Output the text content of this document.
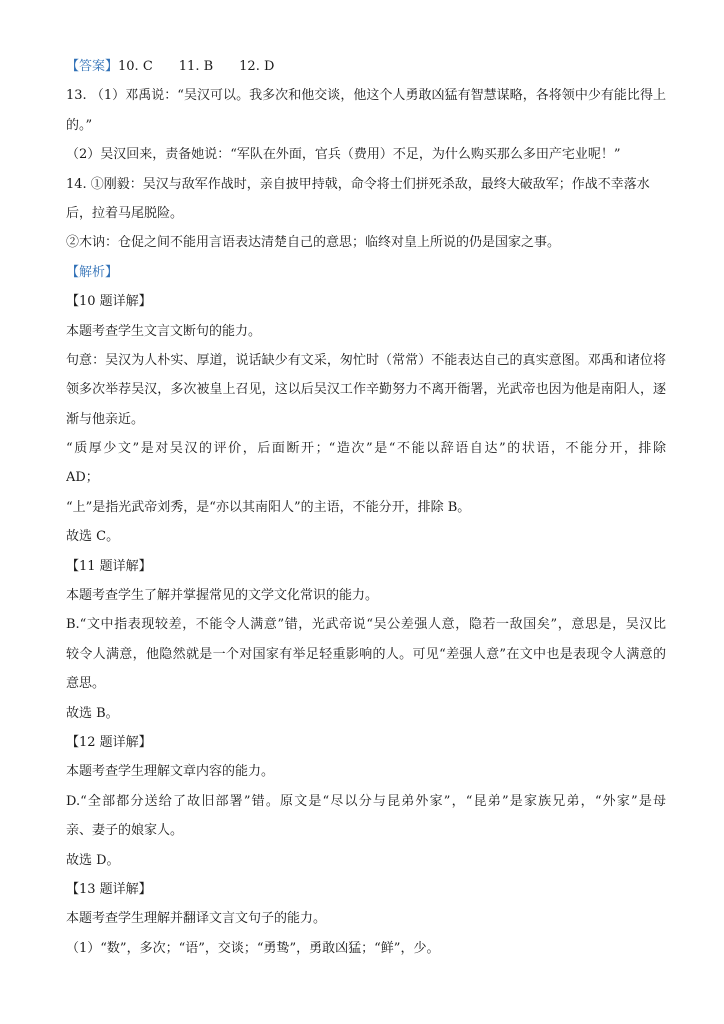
【答案】10. C 11. B 12. D
13. （1）邓禹说：“吴汉可以。我多次和他交谈，他这个人勇敢凶猛有智慧谋略，各将领中少有能比得上
的。”
（2）吴汉回来，责备她说：“军队在外面，官兵（费用）不足，为什么购买那么多田产宅业呢！”
14. ①刚毅：吴汉与敌军作战时，亲自披甲持戟，命令将士们拼死杀敌，最终大破敌军；作战不幸落水
后，拉着马尾脱险。
②木讷：仓促之间不能用言语表达清楚自己的意思；临终对皇上所说的仍是国家之事。
【解析】
【10 题详解】
本题考查学生文言文断句的能力。
句意：吴汉为人朴实、厚道，说话缺少有文采，匆忙时（常常）不能表达自己的真实意图。邓禹和诸位将
领多次举荐吴汉，多次被皇上召见，这以后吴汉工作辛勤努力不离开衙署，光武帝也因为他是南阳人，逐
渐与他亲近。
“质厚少文”是对吴汉的评价，后面断开；“造次”是“不能以辞语自达”的状语，不能分开，排除
AD；
“上”是指光武帝刘秀，是“亦以其南阳人”的主语，不能分开，排除 B。
故选 C。
【11 题详解】
本题考查学生了解并掌握常见的文学文化常识的能力。
B.“文中指表现较差，不能令人满意”错，光武帝说“吴公差强人意，隐若一敌国矣”，意思是，吴汉比
较令人满意，他隐然就是一个对国家有举足轻重影响的人。可见“差强人意”在文中也是表现令人满意的
意思。
故选 B。
【12 题详解】
本题考查学生理解文章内容的能力。
D.“全部都分送给了故旧部署”错。原文是“尽以分与昆弟外家”，“昆弟”是家族兄弟，“外家”是母
亲、妻子的娘家人。
故选 D。
【13 题详解】
本题考查学生理解并翻译文言文句子的能力。
（1）“数”，多次；“语”，交谈；“勇鸷”，勇敢凶猛；“鲜”，少。
